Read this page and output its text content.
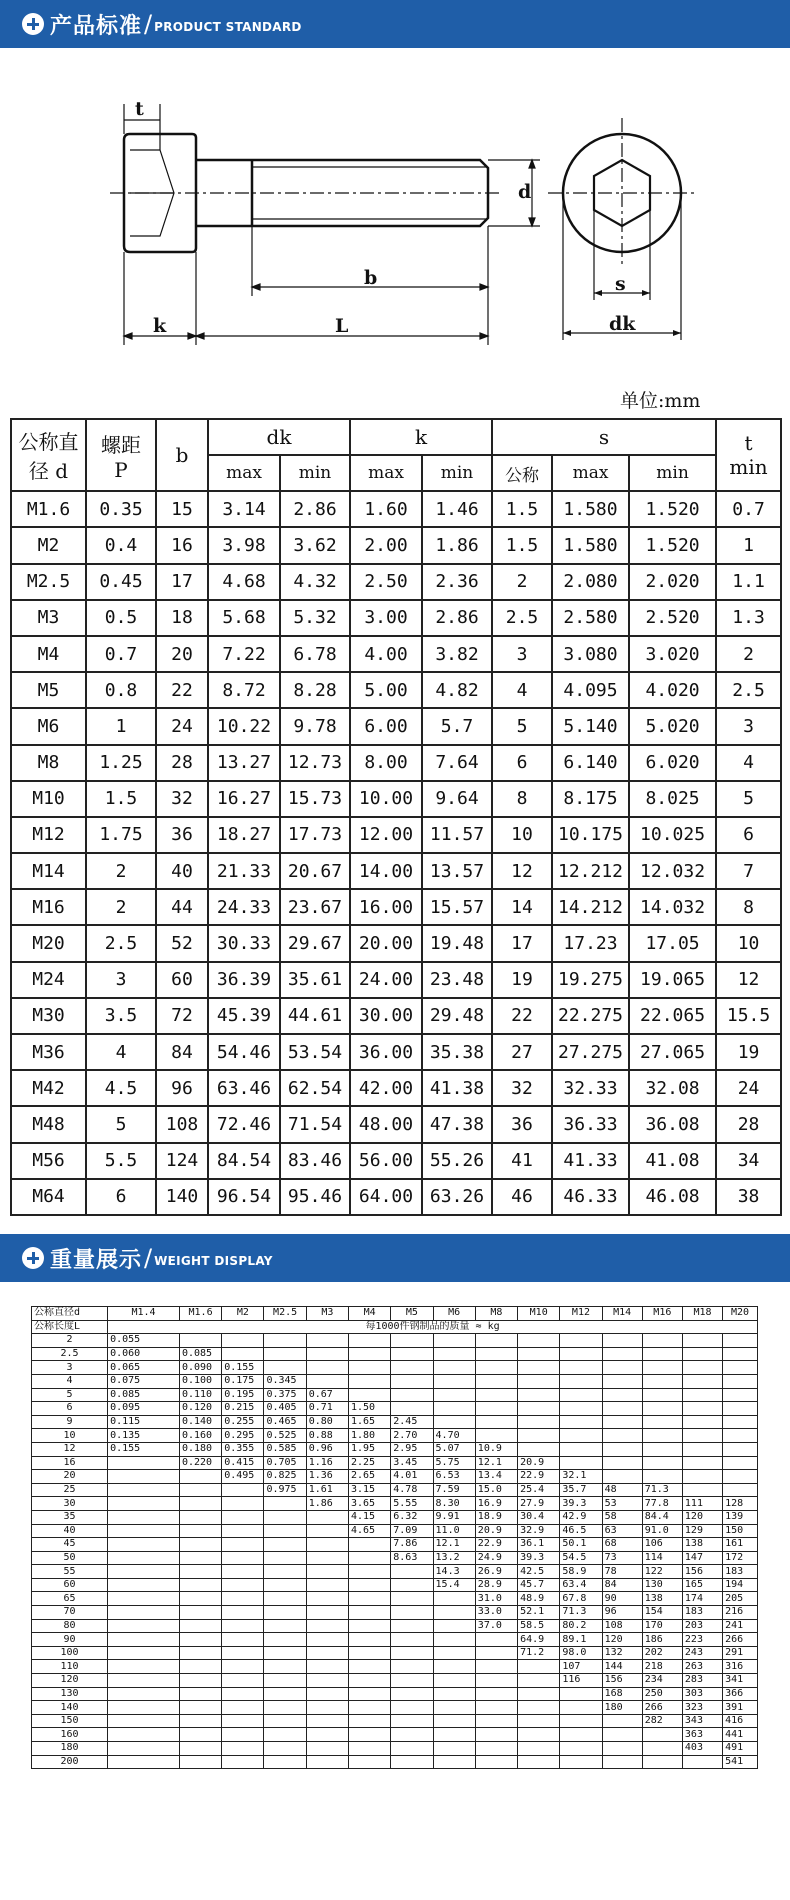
产品标准 / PRODUCT STANDARD
t
k	L
b
d
s
dk
单位:mm
公称直
径 d	螺距
P	b	dk		k		s			t
min
			max	min	max	min	公称	max	min	
M1.6	0.35	15	3.14	2.86	1.60	1.46	1.5	1.580	1.520	0.7
M2	0.4	16	3.98	3.62	2.00	1.86	1.5	1.580	1.520	1
M2.5	0.45	17	4.68	4.32	2.50	2.36	2	2.080	2.020	1.1
M3	0.5	18	5.68	5.32	3.00	2.86	2.5	2.580	2.520	1.3
M4	0.7	20	7.22	6.78	4.00	3.82	3	3.080	3.020	2
M5	0.8	22	8.72	8.28	5.00	4.82	4	4.095	4.020	2.5
M6	1	24	10.22	9.78	6.00	5.7	5	5.140	5.020	3
M8	1.25	28	13.27	12.73	8.00	7.64	6	6.140	6.020	4
M10	1.5	32	16.27	15.73	10.00	9.64	8	8.175	8.025	5
M12	1.75	36	18.27	17.73	12.00	11.57	10	10.175	10.025	6
M14	2	40	21.33	20.67	14.00	13.57	12	12.212	12.032	7
M16	2	44	24.33	23.67	16.00	15.57	14	14.212	14.032	8
M20	2.5	52	30.33	29.67	20.00	19.48	17	17.23	17.05	10
M24	3	60	36.39	35.61	24.00	23.48	19	19.275	19.065	12
M30	3.5	72	45.39	44.61	30.00	29.48	22	22.275	22.065	15.5
M36	4	84	54.46	53.54	36.00	35.38	27	27.275	27.065	19
M42	4.5	96	63.46	62.54	42.00	41.38	32	32.33	32.08	24
M48	5	108	72.46	71.54	48.00	47.38	36	36.33	36.08	28
M56	5.5	124	84.54	83.46	56.00	55.26	41	41.33	41.08	34
M64	6	140	96.54	95.46	64.00	63.26	46	46.33	46.08	38
重量展示 / WEIGHT DISPLAY
公称直径d	M1.4	M1.6	M2	M2.5	M3	M4	M5	M6	M8	M10	M12	M14	M16	M18	M20
公称长度L	每1000件钢制品的质量 ≈ kg														
2	0.055														
2.5	0.060	0.085													
3	0.065	0.090	0.155												
4	0.075	0.100	0.175	0.345											
5	0.085	0.110	0.195	0.375	0.67										
6	0.095	0.120	0.215	0.405	0.71	1.50									
9	0.115	0.140	0.255	0.465	0.80	1.65	2.45								
10	0.135	0.160	0.295	0.525	0.88	1.80	2.70	4.70							
12	0.155	0.180	0.355	0.585	0.96	1.95	2.95	5.07	10.9						
16		0.220	0.415	0.705	1.16	2.25	3.45	5.75	12.1	20.9					
20			0.495	0.825	1.36	2.65	4.01	6.53	13.4	22.9	32.1				
25				0.975	1.61	3.15	4.78	7.59	15.0	25.4	35.7	48	71.3		
30					1.86	3.65	5.55	8.30	16.9	27.9	39.3	53	77.8	111	128
35						4.15	6.32	9.91	18.9	30.4	42.9	58	84.4	120	139
40						4.65	7.09	11.0	20.9	32.9	46.5	63	91.0	129	150
45							7.86	12.1	22.9	36.1	50.1	68	106	138	161
50							8.63	13.2	24.9	39.3	54.5	73	114	147	172
55								14.3	26.9	42.5	58.9	78	122	156	183
60								15.4	28.9	45.7	63.4	84	130	165	194
65									31.0	48.9	67.8	90	138	174	205
70									33.0	52.1	71.3	96	154	183	216
80									37.0	58.5	80.2	108	170	203	241
90										64.9	89.1	120	186	223	266
100										71.2	98.0	132	202	243	291
110											107	144	218	263	316
120											116	156	234	283	341
130												168	250	303	366
140												180	266	323	391
150													282	343	416
160														363	441
180														403	491
200															541
